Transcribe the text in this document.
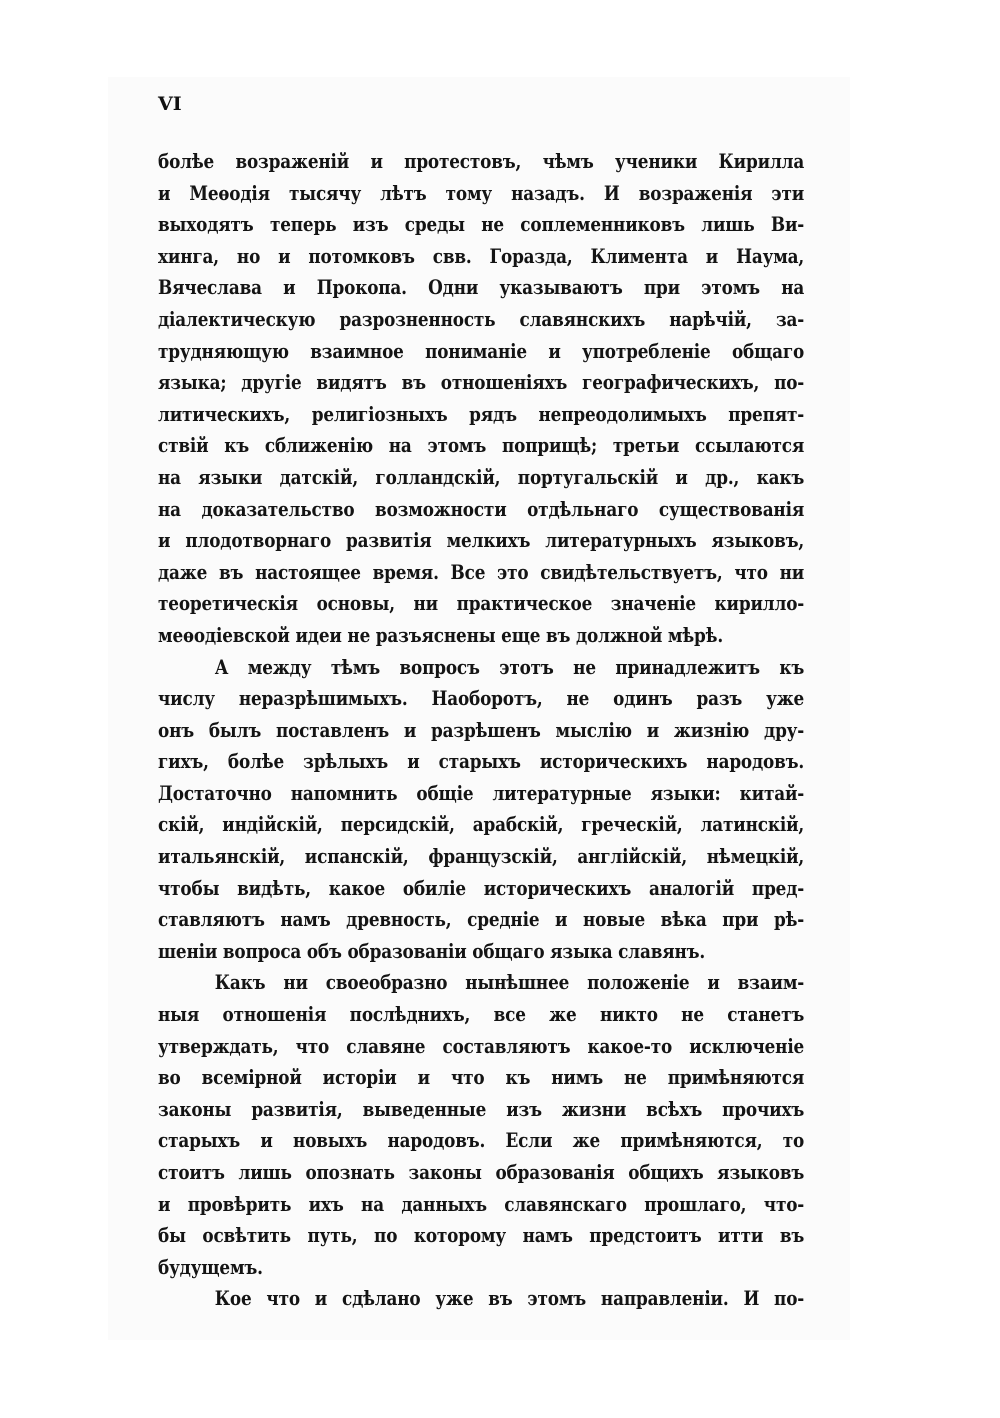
VI
болѣе возраженій и протестовъ, чѣмъ ученики Кирилла
и Меѳодія тысячу лѣтъ тому назадъ. И возраженія эти
выходятъ теперь изъ среды не соплеменниковъ лишь Ви-
хинга, но и потомковъ свв. Горазда, Климента и Наума,
Вячеслава и Прокопа. Одни указываютъ при этомъ на
діалектическую разрозненность славянскихъ нарѣчій, за-
трудняющую взаимное пониманіе и употребленіе общаго
языка; другіе видятъ въ отношеніяхъ географическихъ, по-
литическихъ, религіозныхъ рядъ непреодолимыхъ препят-
ствій къ сближенію на этомъ поприщѣ; третьи ссылаются
на языки датскій, голландскій, португальскій и др., какъ
на доказательство возможности отдѣльнаго существованія
и плодотворнаго развитія мелкихъ литературныхъ языковъ,
даже въ настоящее время. Все это свидѣтельствуетъ, что ни
теоретическія основы, ни практическое значеніе кирилло-
меѳодіевской идеи не разъяснены еще въ должной мѣрѣ.
А между тѣмъ вопросъ этотъ не принадлежитъ къ
числу неразрѣшимыхъ. Наоборотъ, не одинъ разъ уже
онъ былъ поставленъ и разрѣшенъ мыслію и жизнію дру-
гихъ, болѣе зрѣлыхъ и старыхъ историческихъ народовъ.
Достаточно напомнить общіе литературные языки: китай-
скій, индійскій, персидскій, арабскій, греческій, латинскій,
итальянскій, испанскій, французскій, англійскій, нѣмецкій,
чтобы видѣть, какое обиліе историческихъ аналогій пред-
ставляютъ намъ древность, средніе и новые вѣка при рѣ-
шеніи вопроса объ образованіи общаго языка славянъ.
Какъ ни своеобразно нынѣшнее положеніе и взаим-
ныя отношенія послѣднихъ, все же никто не станетъ
утверждать, что славяне составляютъ какое-то исключеніе
во всемірной исторіи и что къ нимъ не примѣняются
законы развитія, выведенные изъ жизни всѣхъ прочихъ
старыхъ и новыхъ народовъ. Если же примѣняются, то
стоитъ лишь опознать законы образованія общихъ языковъ
и провѣрить ихъ на данныхъ славянскаго прошлаго, что-
бы освѣтить путь, по которому намъ предстоитъ итти въ
будущемъ.
Кое что и сдѣлано уже въ этомъ направленіи. И по-
